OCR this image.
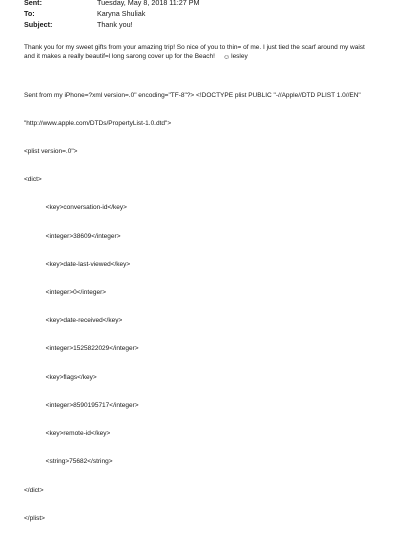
Sent:	Tuesday, May 8, 2018 11:27 PM
To:	Karyna Shuliak
Subject:	Thank you!

Thank you for my sweet gifts from your amazing trip! So nice of you to thin= of me. I just tied the scarf around my waist

and it makes a really beautif=l long sarong cover up for the Beach! ☺lesley

Sent from my iPhone=?xml version=.0" encoding="TF-8"?> <!DOCTYPE plist PUBLIC "-//Apple//DTD PLIST 1.0//EN"

"http://www.apple.com/DTDs/PropertyList-1.0.dtd">

<plist version=.0">

<dict>

<key>conversation-id</key>

<integer>38609</integer>

<key>date-last-viewed</key>

<integer>0</integer>

<key>date-received</key>

<integer>1525822029</integer>

<key>flags</key>

<integer>8590195717</integer>

<key>remote-id</key>

<string>75682</string>

</dict>

</plist>
